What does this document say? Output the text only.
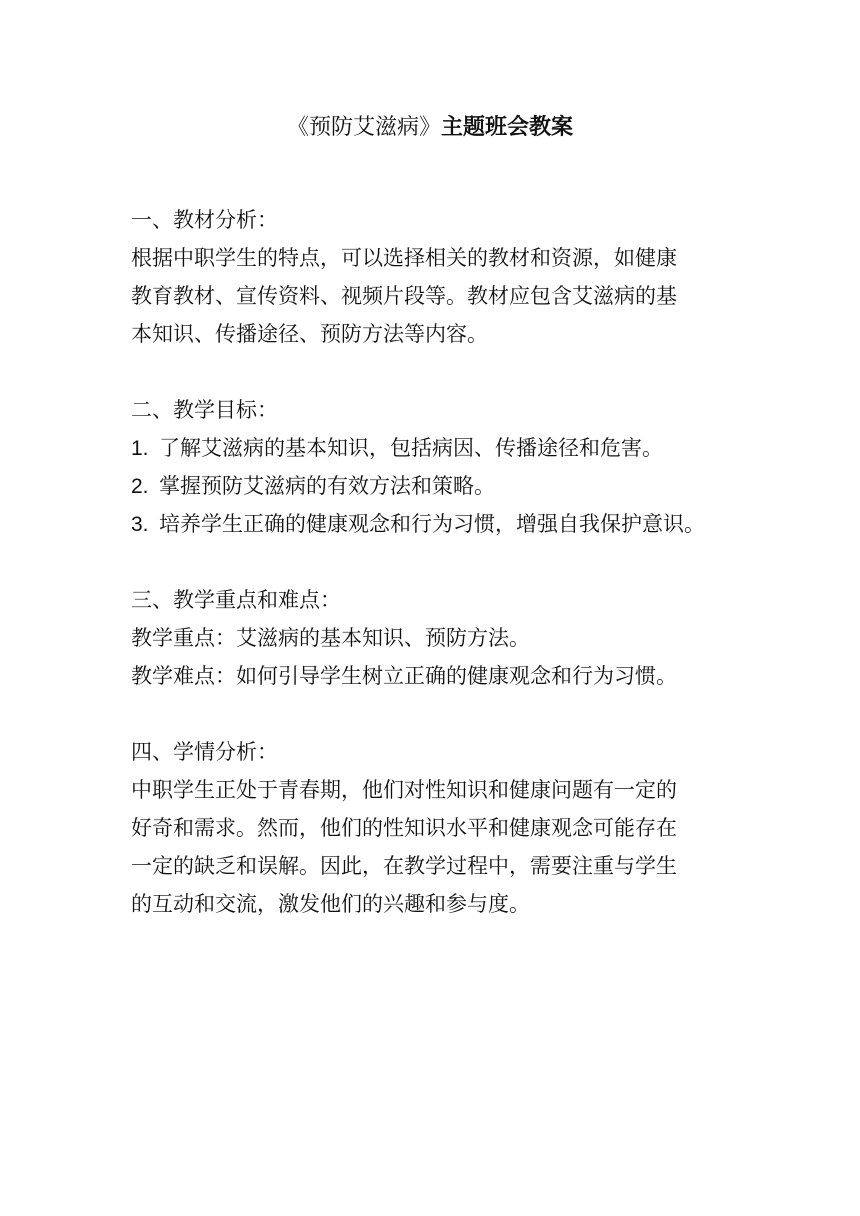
《预防艾滋病》主题班会教案
一、教材分析：
根据中职学生的特点，可以选择相关的教材和资源，如健康
教育教材、宣传资料、视频片段等。教材应包含艾滋病的基
本知识、传播途径、预防方法等内容。
二、教学目标：
1. 了解艾滋病的基本知识，包括病因、传播途径和危害。
2. 掌握预防艾滋病的有效方法和策略。
3. 培养学生正确的健康观念和行为习惯，增强自我保护意识。
三、教学重点和难点：
教学重点：艾滋病的基本知识、预防方法。
教学难点：如何引导学生树立正确的健康观念和行为习惯。
四、学情分析：
中职学生正处于青春期，他们对性知识和健康问题有一定的
好奇和需求。然而，他们的性知识水平和健康观念可能存在
一定的缺乏和误解。因此，在教学过程中，需要注重与学生
的互动和交流，激发他们的兴趣和参与度。
